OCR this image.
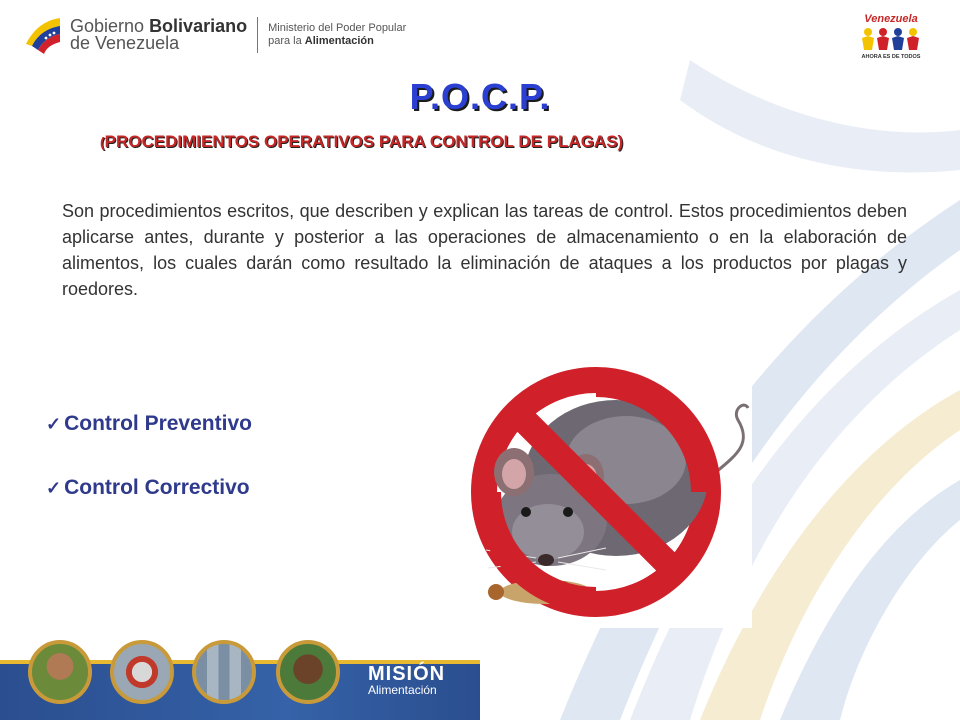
Gobierno Bolivariano
de Venezuela
Ministerio del Poder Popular
para la Alimentación
Venezuela
AHORA ES DE TODOS
P.O.C.P.
(PROCEDIMIENTOS OPERATIVOS PARA CONTROL DE PLAGAS)
Son procedimientos escritos, que describen y explican las tareas de control. Estos procedimientos deben aplicarse antes, durante y posterior a las operaciones de almacenamiento o en la elaboración de alimentos, los cuales darán como resultado la eliminación de ataques a los productos por plagas y roedores.
✓ Control Preventivo
✓ Control Correctivo
MISIÓN
Alimentación
